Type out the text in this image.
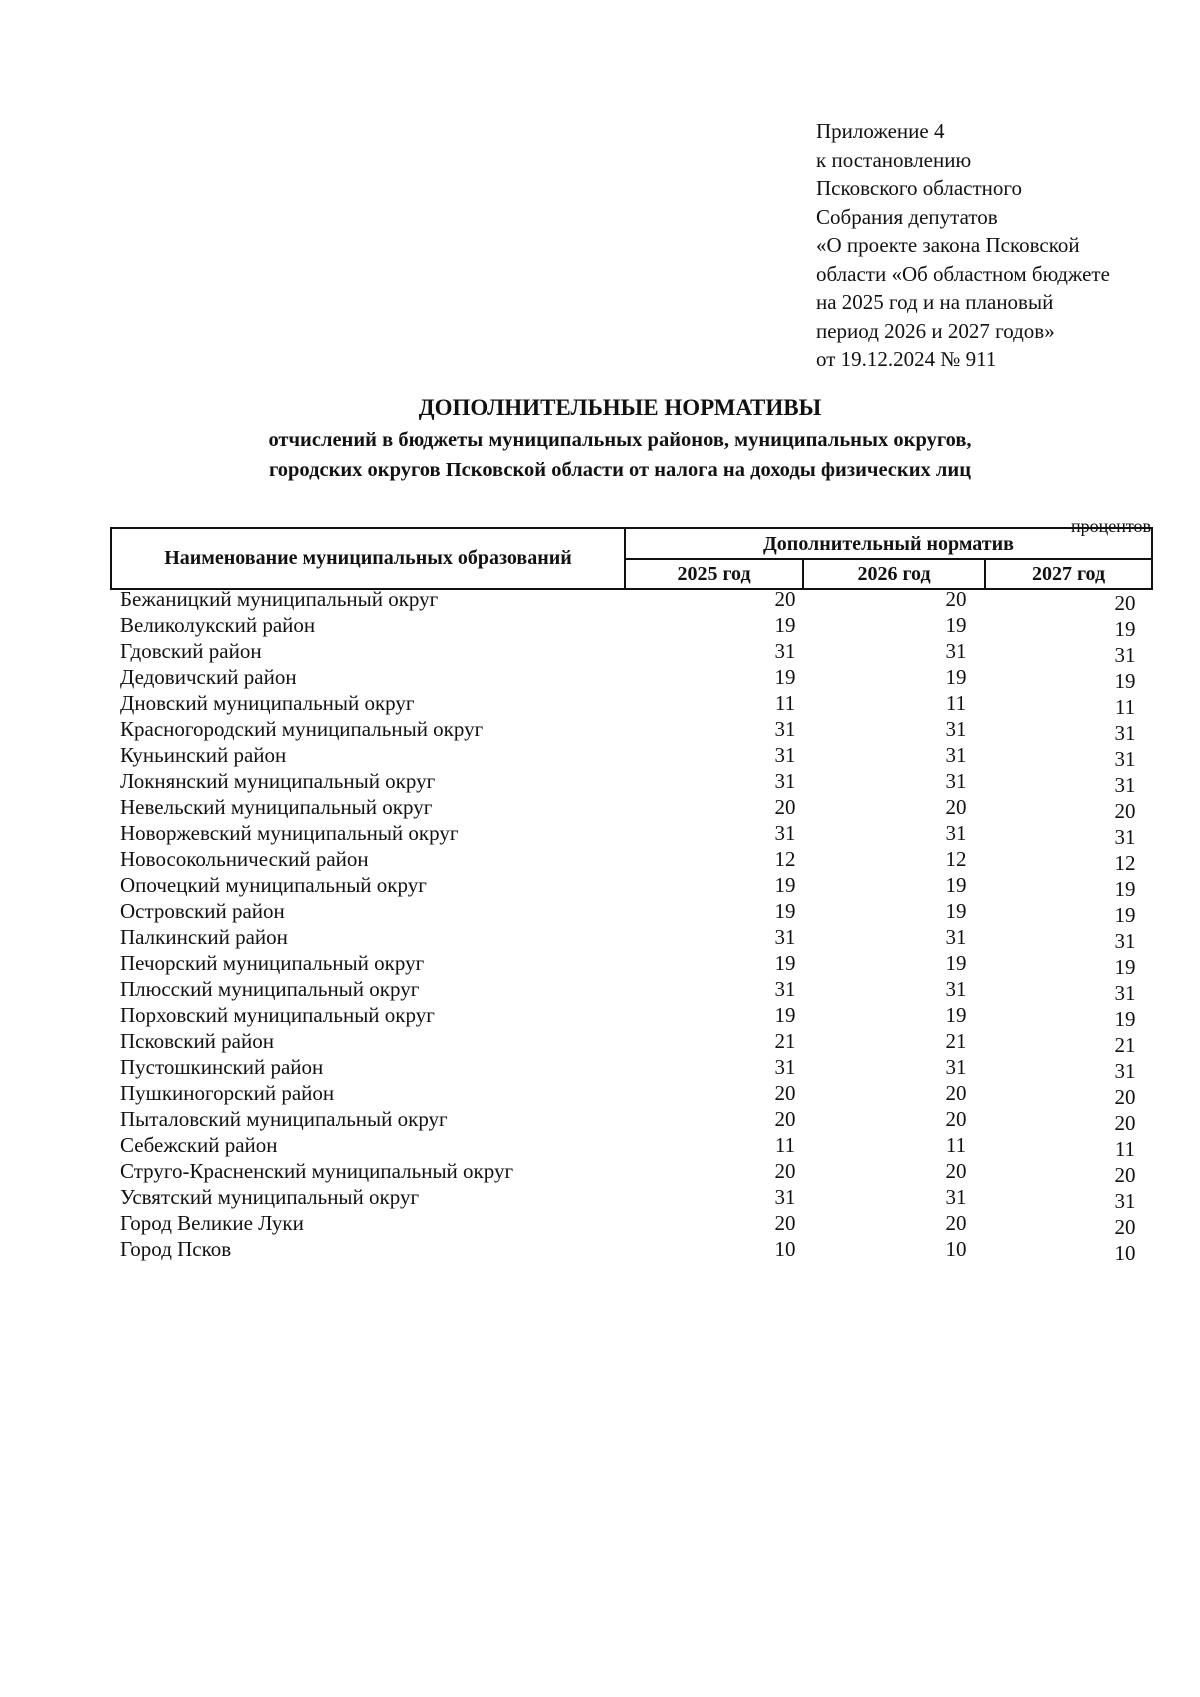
Приложение 4
к постановлению
Псковского областного
Собрания депутатов
«О проекте закона Псковской
области «Об областном бюджете
на 2025 год и на плановый
период 2026 и 2027 годов»
от 19.12.2024 № 911
ДОПОЛНИТЕЛЬНЫЕ НОРМАТИВЫ
отчислений в бюджеты муниципальных районов, муниципальных округов,
городских округов Псковской области от налога на доходы физических лиц
процентов
Наименование муниципальных образований
Дополнительный норматив
2025 год	2026 год	2027 год
Бежаницкий муниципальный округ	20	20	20
Великолукский район	19	19	19
Гдовский район	31	31	31
Дедовичский район	19	19	19
Дновский муниципальный округ	11	11	11
Красногородский муниципальный округ	31	31	31
Куньинский район	31	31	31
Локнянский муниципальный округ	31	31	31
Невельский муниципальный округ	20	20	20
Новоржевский муниципальный округ	31	31	31
Новосокольнический район	12	12	12
Опочецкий муниципальный округ	19	19	19
Островский район	19	19	19
Палкинский район	31	31	31
Печорский муниципальный округ	19	19	19
Плюсский муниципальный округ	31	31	31
Порховский муниципальный округ	19	19	19
Псковский район	21	21	21
Пустошкинский район	31	31	31
Пушкиногорский район	20	20	20
Пыталовский муниципальный округ	20	20	20
Себежский район	11	11	11
Струго-Красненский муниципальный округ	20	20	20
Усвятский муниципальный округ	31	31	31
Город Великие Луки	20	20	20
Город Псков	10	10	10
